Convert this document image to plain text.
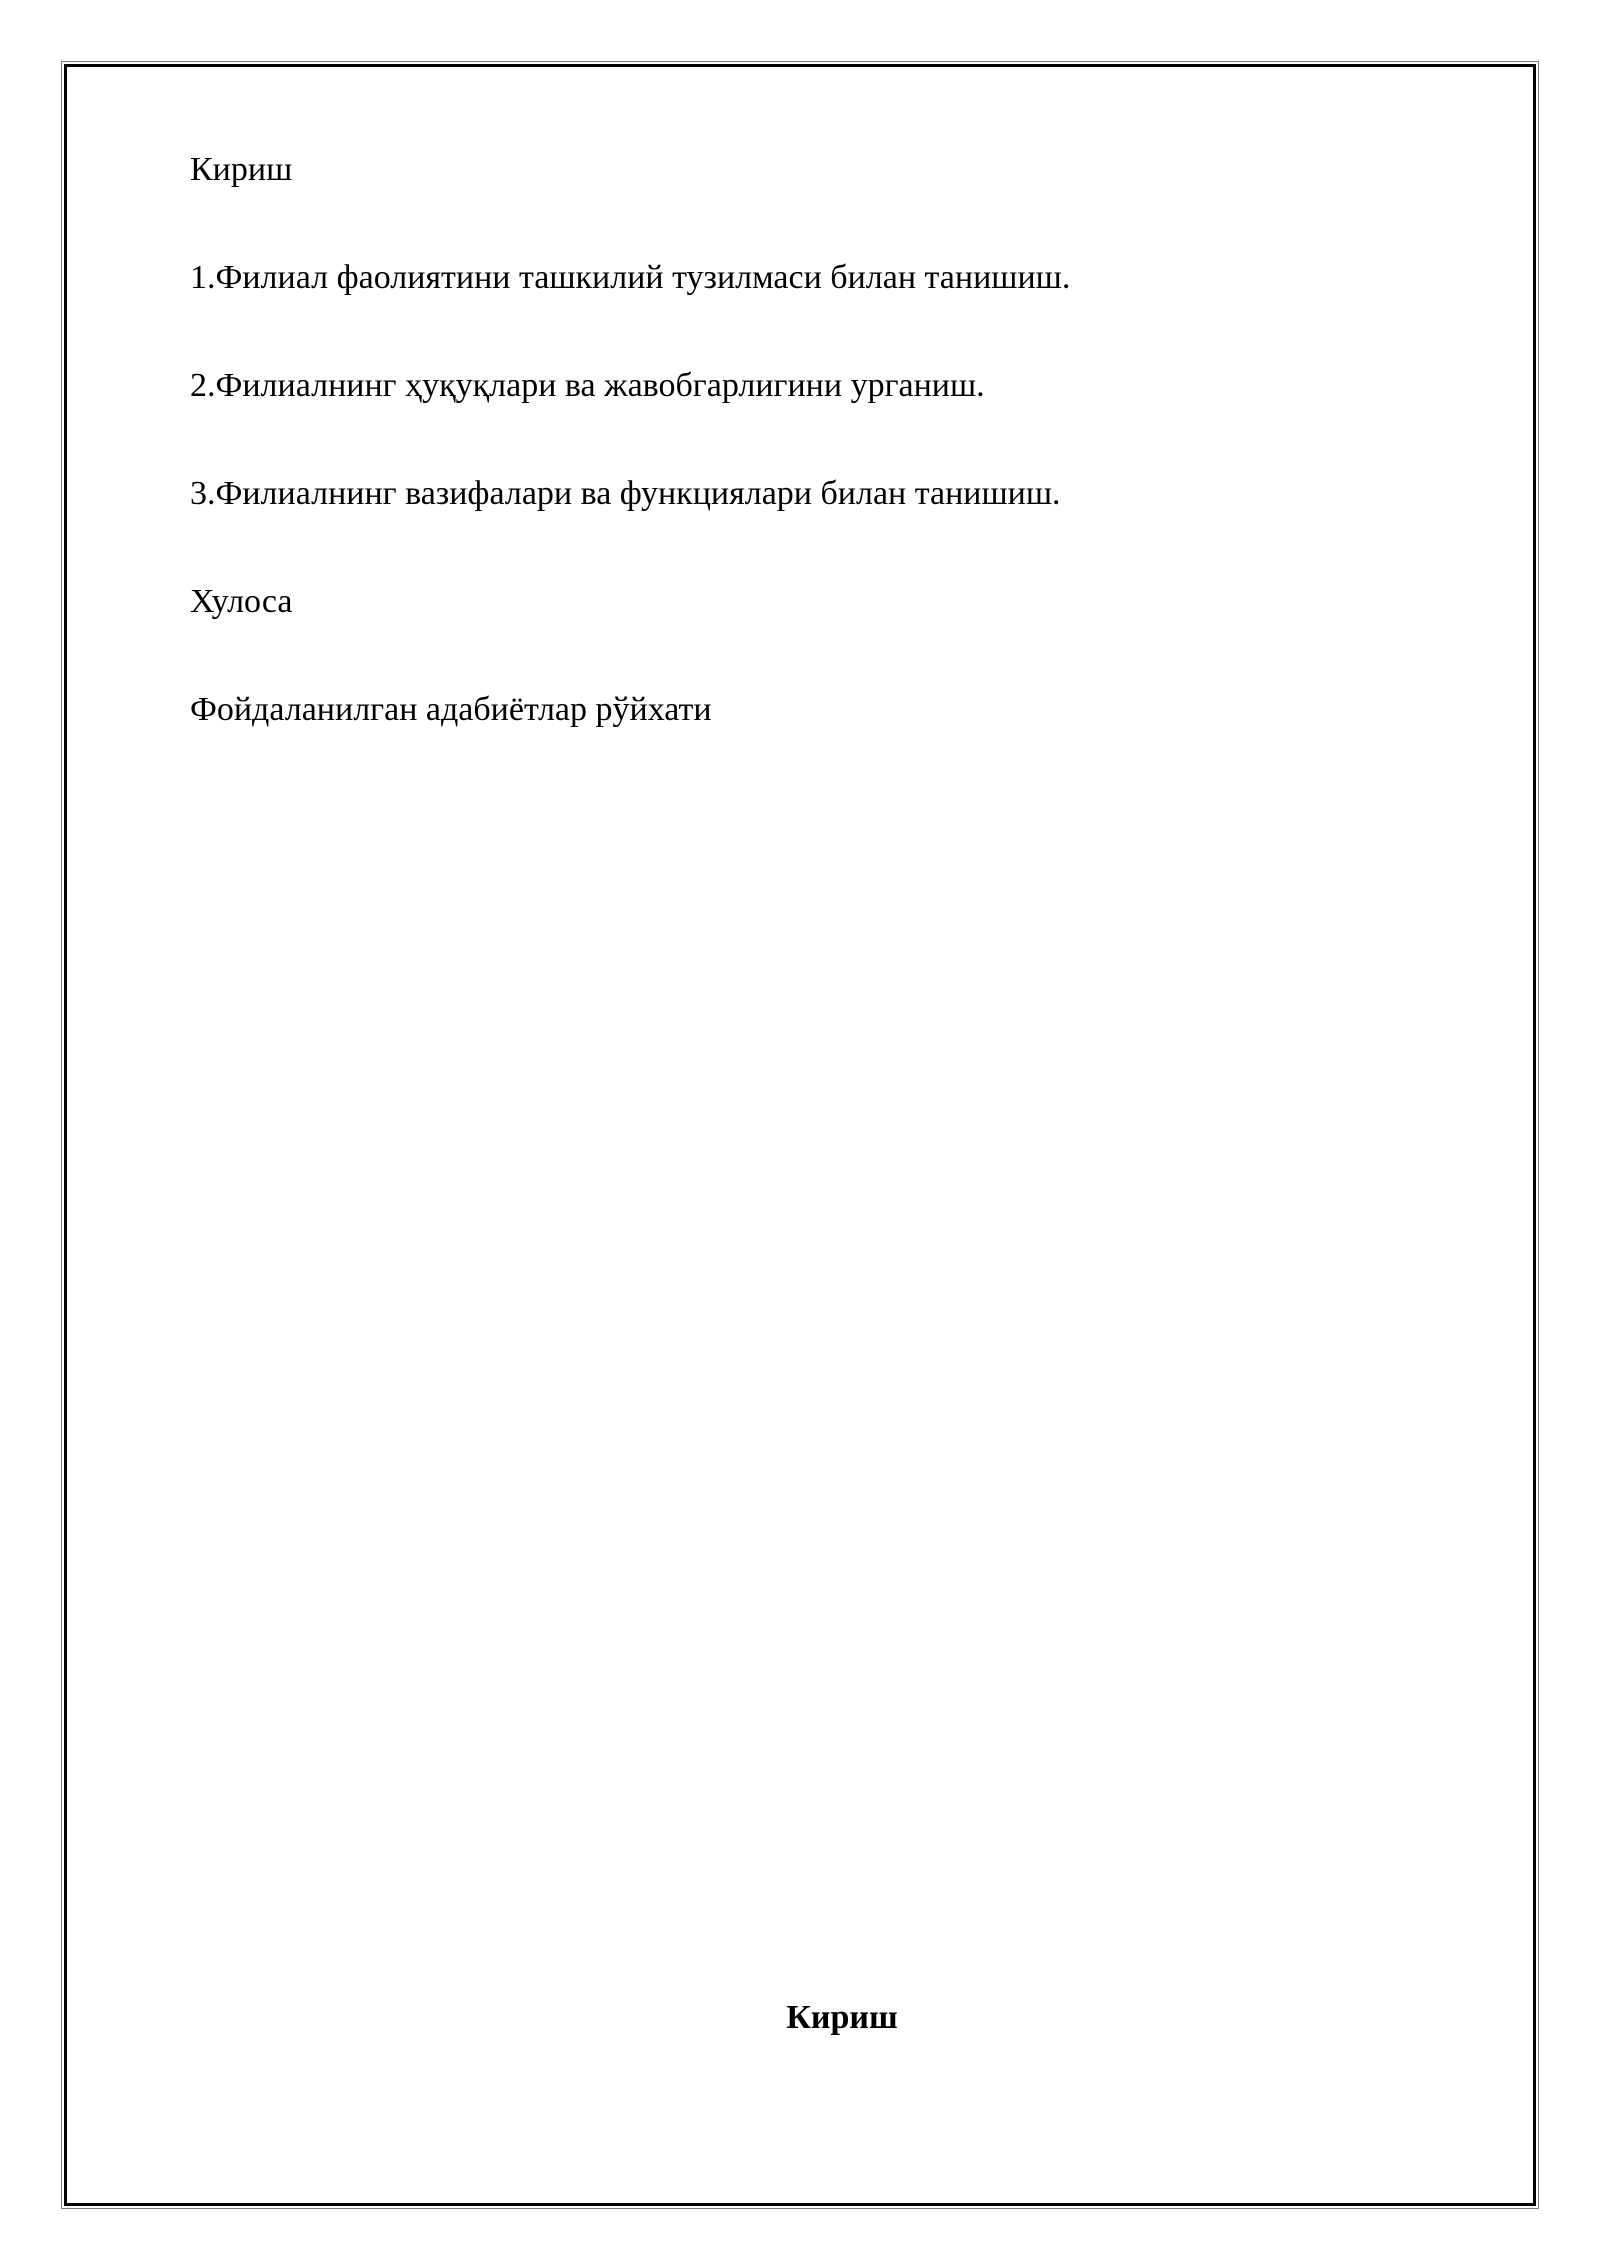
Кириш
1.Филиал фаолиятини ташкилий тузилмаси билан танишиш.
2.Филиалнинг ҳуқуқлари ва жавобгарлигини урганиш.
3.Филиалнинг вазифалари ва функциялари билан танишиш.
Хулоса
Фойдаланилган адабиётлар рўйхати
Кириш
